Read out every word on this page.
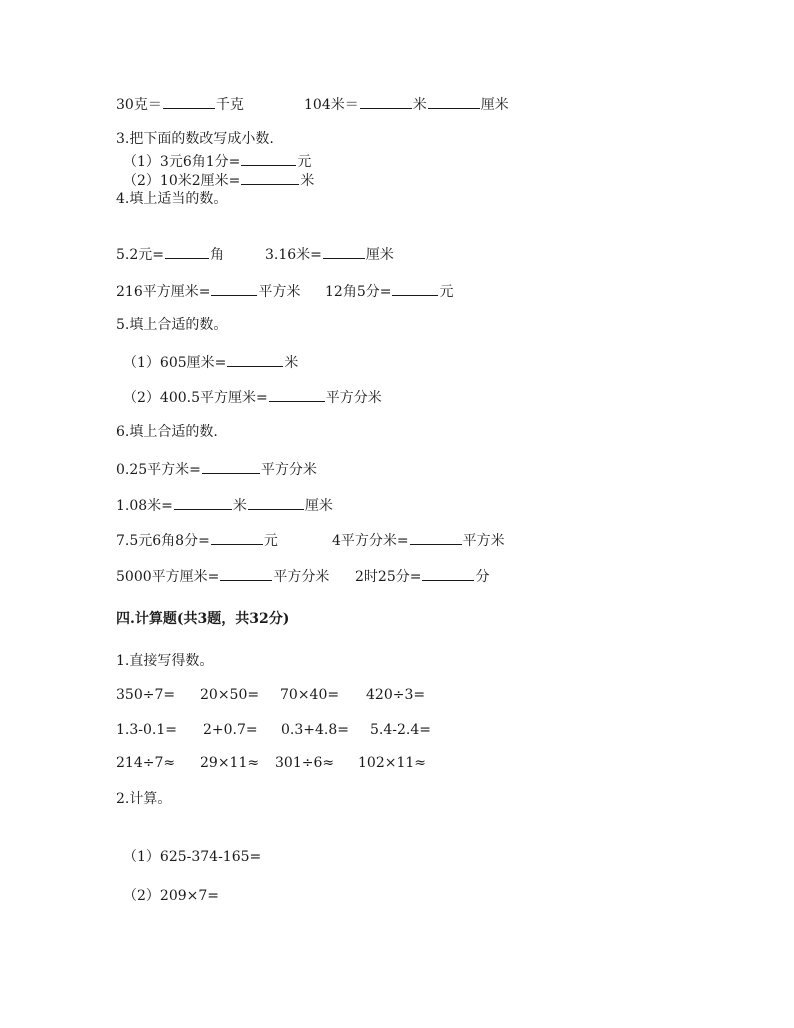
30克＝	千克	104米＝	米	厘米
3.把下面的数改写成小数.
（1）3元6角1分=	元
（2）10米2厘米=	米
4.填上适当的数。
5.2元=	角	3.16米=	厘米
216平方厘米=	平方米 12角5分=	元
5.填上合适的数。
（1）605厘米=	米
（2）400.5平方厘米=	平方分米
6.填上合适的数.
0.25平方米=	平方分米
1.08米=	米	厘米
7.5元6角8分=	元	4平方分米=	平方米
5000平方厘米=	平方分米 2时25分=	分
四.计算题(共3题，共32分)
1.直接写得数。
350÷7= 20×50= 70×40= 420÷3=
1.3-0.1= 2+0.7= 0.3+4.8= 5.4-2.4=
214÷7≈ 29×11≈ 301÷6≈ 102×11≈
2.计算。
（1）625-374-165=
（2）209×7=
